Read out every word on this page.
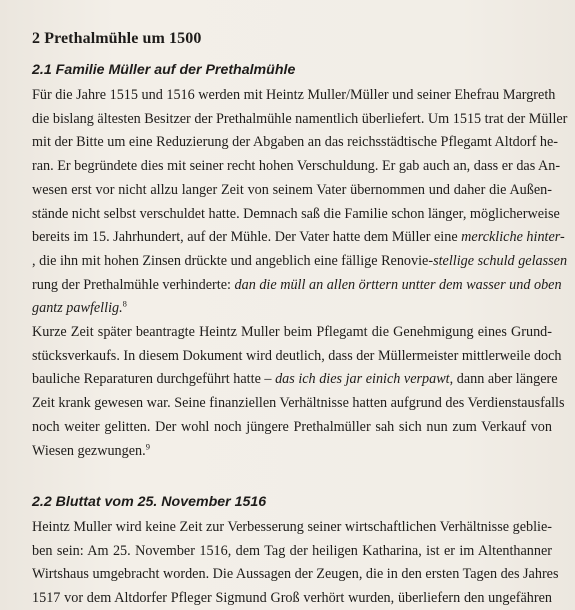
2 Prethalmühle um 1500
2.1 Familie Müller auf der Prethalmühle
Für die Jahre 1515 und 1516 werden mit Heintz Muller/Müller und seiner Ehefrau Margreth
die bislang ältesten Besitzer der Prethalmühle namentlich überliefert. Um 1515 trat der Müller
mit der Bitte um eine Reduzierung der Abgaben an das reichsstädtische Pflegamt Altdorf he-
ran. Er begründete dies mit seiner recht hohen Verschuldung. Er gab auch an, dass er das An-
wesen erst vor nicht allzu langer Zeit von seinem Vater übernommen und daher die Außen-
stände nicht selbst verschuldet hatte. Demnach saß die Familie schon länger, möglicherweise
bereits im 15. Jahrhundert, auf der Mühle. Der Vater hatte dem Müller eine merckliche hinter-
, die ihn mit hohen Zinsen drückte und angeblich eine fällige Renovie-stellige schuld gelassen
rung der Prethalmühle verhinderte: dan die müll an allen örttern untter dem wasser und oben
gantz pawfellig.$^8$
Kurze Zeit später beantragte Heintz Muller beim Pflegamt die Genehmigung eines Grund-
stücksverkaufs. In diesem Dokument wird deutlich, dass der Müllermeister mittlerweile doch
bauliche Reparaturen durchgeführt hatte – das ich dies jar einich verpawt, dann aber längere
Zeit krank gewesen war. Seine finanziellen Verhältnisse hatten aufgrund des Verdienstausfalls
noch weiter gelitten. Der wohl noch jüngere Prethalmüller sah sich nun zum Verkauf von
Wiesen gezwungen.$^9$
2.2 Bluttat vom 25. November 1516
Heintz Muller wird keine Zeit zur Verbesserung seiner wirtschaftlichen Verhältnisse geblie-
ben sein: Am 25. November 1516, dem Tag der heiligen Katharina, ist er im Altenthanner
Wirtshaus umgebracht worden. Die Aussagen der Zeugen, die in den ersten Tagen des Jahres
1517 vor dem Altdorfer Pfleger Sigmund Groß verhört wurden, überliefern den ungefähren
